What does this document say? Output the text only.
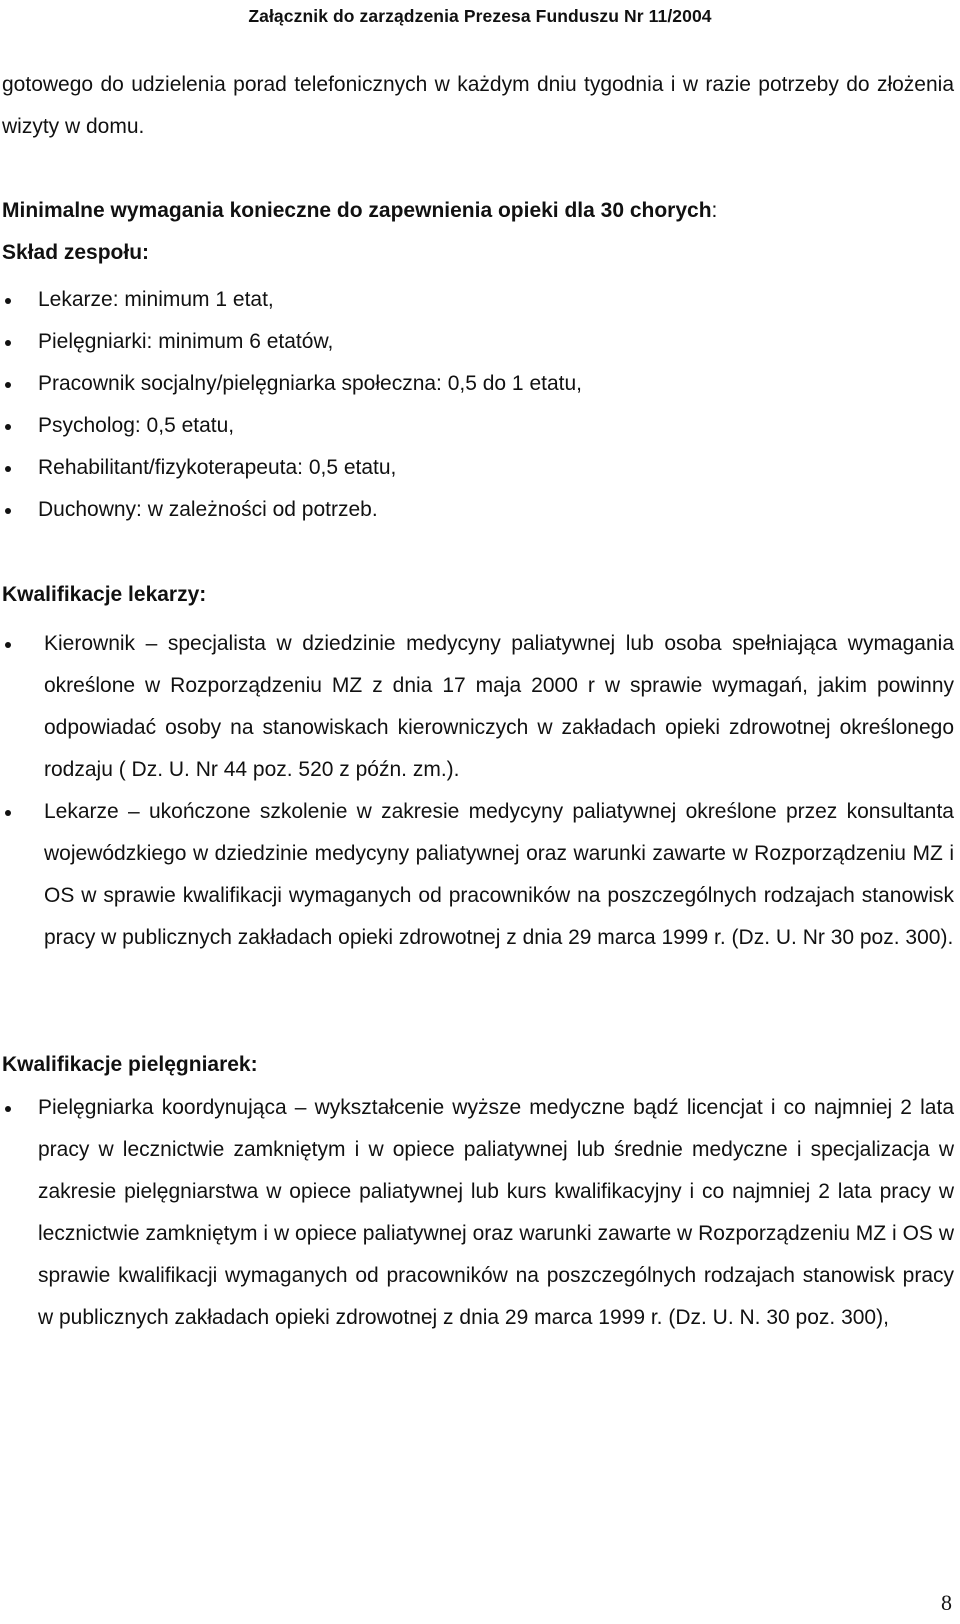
Załącznik do zarządzenia Prezesa Funduszu Nr 11/2004
gotowego do udzielenia porad telefonicznych w każdym dniu tygodnia i w razie potrzeby do złożenia wizyty w domu.
Minimalne wymagania konieczne do zapewnienia opieki dla 30 chorych:
Skład zespołu:
Lekarze: minimum 1 etat,
Pielęgniarki: minimum 6 etatów,
Pracownik socjalny/pielęgniarka społeczna: 0,5 do 1 etatu,
Psycholog: 0,5 etatu,
Rehabilitant/fizykoterapeuta: 0,5 etatu,
Duchowny: w zależności od potrzeb.
Kwalifikacje lekarzy:
Kierownik – specjalista w dziedzinie medycyny paliatywnej lub osoba spełniająca wymagania określone w Rozporządzeniu MZ z dnia 17 maja 2000 r w sprawie wymagań, jakim powinny odpowiadać osoby na stanowiskach kierowniczych w zakładach opieki zdrowotnej określonego rodzaju ( Dz. U. Nr 44 poz. 520 z późn. zm.).
Lekarze – ukończone szkolenie w zakresie medycyny paliatywnej określone przez konsultanta wojewódzkiego w dziedzinie medycyny paliatywnej oraz warunki zawarte w Rozporządzeniu MZ i OS w sprawie kwalifikacji wymaganych od pracowników na poszczególnych rodzajach stanowisk pracy w publicznych zakładach opieki zdrowotnej z dnia 29 marca 1999 r. (Dz. U. Nr 30 poz. 300).
Kwalifikacje pielęgniarek:
Pielęgniarka koordynująca – wykształcenie wyższe medyczne bądź licencjat i co najmniej 2 lata pracy w lecznictwie zamkniętym i w opiece paliatywnej lub średnie medyczne i specjalizacja w zakresie pielęgniarstwa w opiece paliatywnej lub kurs kwalifikacyjny i co najmniej 2 lata pracy w lecznictwie zamkniętym i w opiece paliatywnej oraz warunki zawarte w Rozporządzeniu MZ i OS w sprawie kwalifikacji wymaganych od pracowników na poszczególnych rodzajach stanowisk pracy w publicznych zakładach opieki zdrowotnej z dnia 29 marca 1999 r. (Dz. U. N. 30 poz. 300),
8
